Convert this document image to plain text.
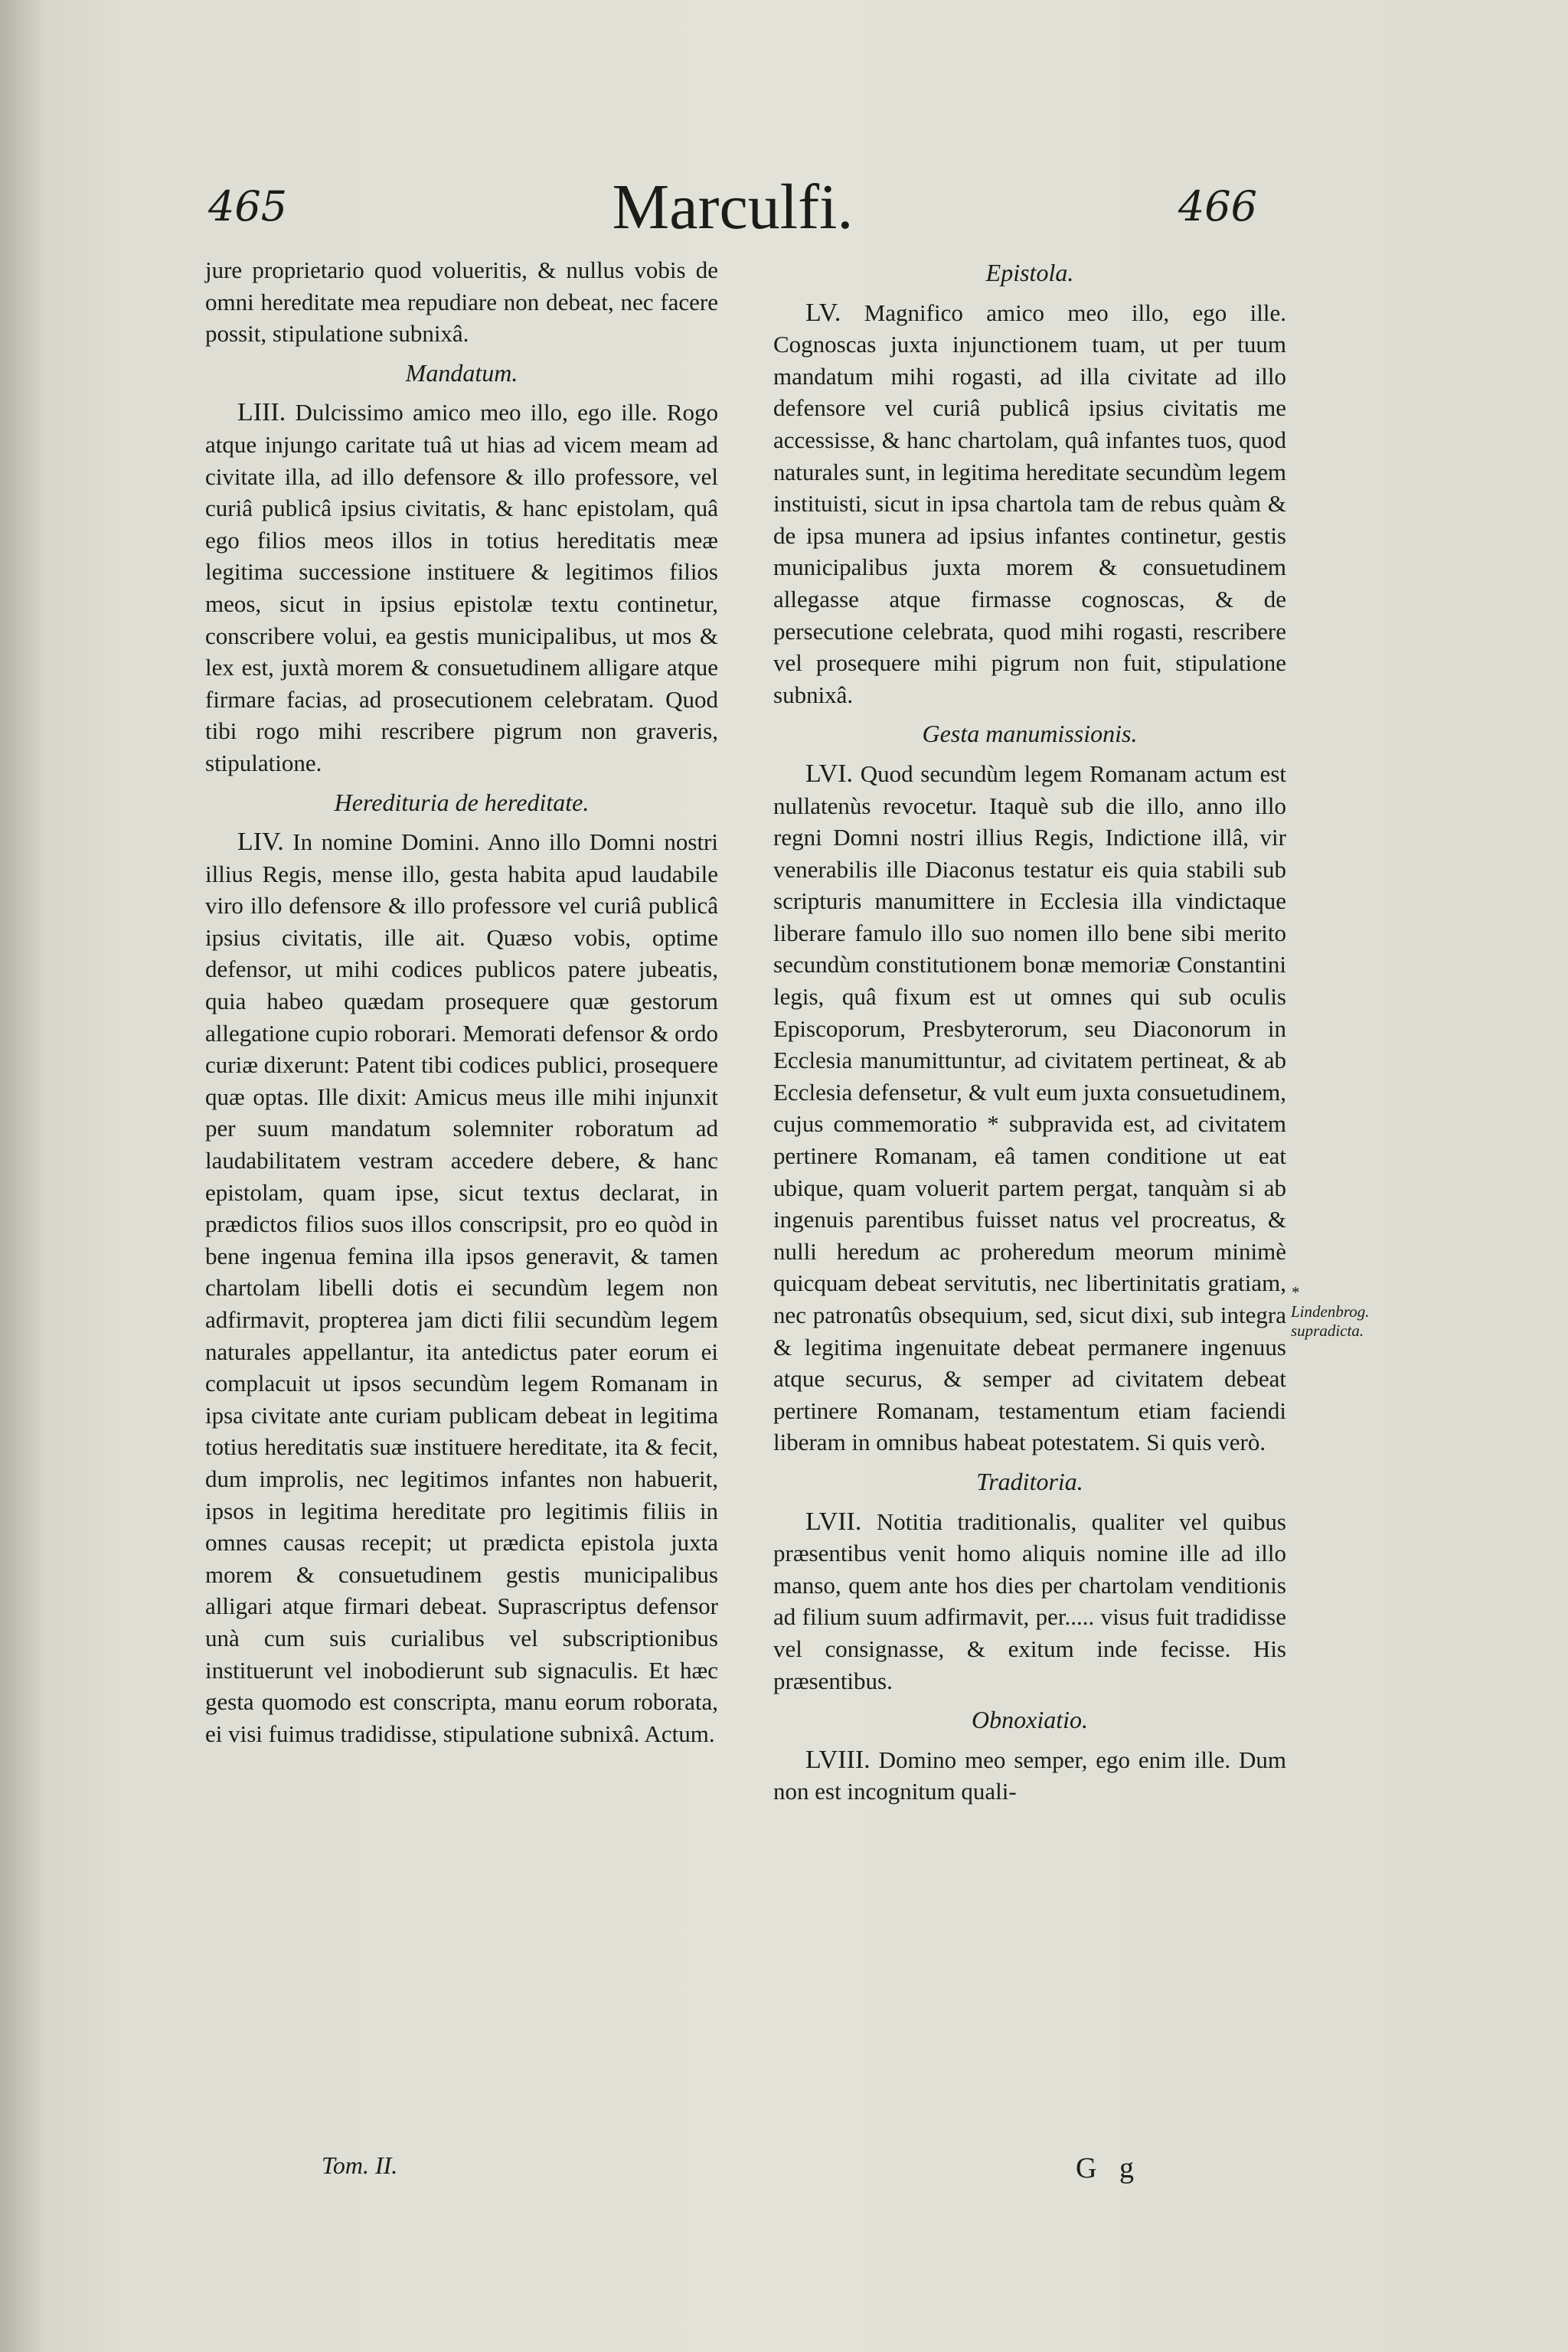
465	Marculfi.	466

jure proprietario quod volueritis, & nullus vobis de omni hereditate mea repudiare non debeat, nec facere possit, stipulatione subnixâ.

Mandatum.

LIII. Dulcissimo amico meo illo, ego ille. Rogo atque injungo caritate tuâ ut hias ad vicem meam ad civitate illa, ad illo defensore & illo professore, vel curiâ publicâ ipsius civitatis, & hanc epistolam, quâ ego filios meos illos in totius hereditatis meæ legitima successione instituere & legitimos filios meos, sicut in ipsius epistolæ textu continetur, conscribere volui, ea gestis municipalibus, ut mos & lex est, juxtà morem & consuetudinem alligare atque firmare facias, ad prosecutionem celebratam. Quod tibi rogo mihi rescribere pigrum non graveris, stipulatione.

Heredituria de hereditate.

LIV. In nomine Domini. Anno illo Domni nostri illius Regis, mense illo, gesta habita apud laudabile viro illo defensore & illo professore vel curiâ publicâ ipsius civitatis, ille ait. Quæso vobis, optime defensor, ut mihi codices publicos patere jubeatis, quia habeo quædam prosequere quæ gestorum allegatione cupio roborari. Memorati defensor & ordo curiæ dixerunt: Patent tibi codices publici, prosequere quæ optas. Ille dixit: Amicus meus ille mihi injunxit per suum mandatum solemniter roboratum ad laudabilitatem vestram accedere debere, & hanc epistolam, quam ipse, sicut textus declarat, in prædictos filios suos illos conscripsit, pro eo quòd in bene ingenua femina illa ipsos generavit, & tamen chartolam libelli dotis ei secundùm legem non adfirmavit, propterea jam dicti filii secundùm legem naturales appellantur, ita antedictus pater eorum ei complacuit ut ipsos secundùm legem Romanam in ipsa civitate ante curiam publicam debeat in legitima totius hereditatis suæ instituere hereditate, ita & fecit, dum improlis, nec legitimos infantes non habuerit, ipsos in legitima hereditate pro legitimis filiis in omnes causas recepit; ut prædicta epistola juxta morem & consuetudinem gestis municipalibus alligari atque firmari debeat. Suprascriptus defensor unà cum suis curialibus vel subscriptionibus instituerunt vel inobodierunt sub signaculis. Et hæc gesta quomodo est conscripta, manu eorum roborata, ei visi fuimus tradidisse, stipulatione subnixâ. Actum.

Epistola.

LV. Magnifico amico meo illo, ego ille. Cognoscas juxta injunctionem tuam, ut per tuum mandatum mihi rogasti, ad illa civitate ad illo defensore vel curiâ publicâ ipsius civitatis me accessisse, & hanc chartolam, quâ infantes tuos, quod naturales sunt, in legitima hereditate secundùm legem instituisti, sicut in ipsa chartola tam de rebus quàm & de ipsa munera ad ipsius infantes continetur, gestis municipalibus juxta morem & consuetudinem allegasse atque firmasse cognoscas, & de persecutione celebrata, quod mihi rogasti, rescribere vel prosequere mihi pigrum non fuit, stipulatione subnixâ.

Gesta manumissionis.

LVI. Quod secundùm legem Romanam actum est nullatenùs revocetur. Itaquè sub die illo, anno illo regni Domni nostri illius Regis, Indictione illâ, vir venerabilis ille Diaconus testatur eis quia stabili sub scripturis manumittere in Ecclesia illa vindictaque liberare famulo illo suo nomen illo bene sibi merito secundùm constitutionem bonæ memoriæ Constantini legis, quâ fixum est ut omnes qui sub oculis Episcoporum, Presbyterorum, seu Diaconorum in Ecclesia manumittuntur, ad civitatem pertineat, & ab Ecclesia defensetur, & vult eum juxta consuetudinem, cujus commemoratio * subpravida est, ad civitatem pertinere Romanam, eâ tamen conditione ut eat ubique, quam voluerit partem pergat, tanquàm si ab ingenuis parentibus fuisset natus vel procreatus, & nulli heredum ac proheredum meorum minimè quicquam debeat servitutis, nec libertinitatis gratiam, nec patronatûs obsequium, sed, sicut dixi, sub integra & legitima ingenuitate debeat permanere ingenuus atque securus, & semper ad civitatem debeat pertinere Romanam, testamentum etiam faciendi liberam in omnibus habeat potestatem. Si quis verò.

Traditoria.

LVII. Notitia traditionalis, qualiter vel quibus præsentibus venit homo aliquis nomine ille ad illo manso, quem ante hos dies per chartolam venditionis ad filium suum adfirmavit, per..... visus fuit tradidisse vel consignasse, & exitum inde fecisse. His præsentibus.

Obnoxiatio.

LVIII. Domino meo semper, ego enim ille. Dum non est incognitum quali-

* Lindenbrog. supradicta.
Tom. II.	G g
